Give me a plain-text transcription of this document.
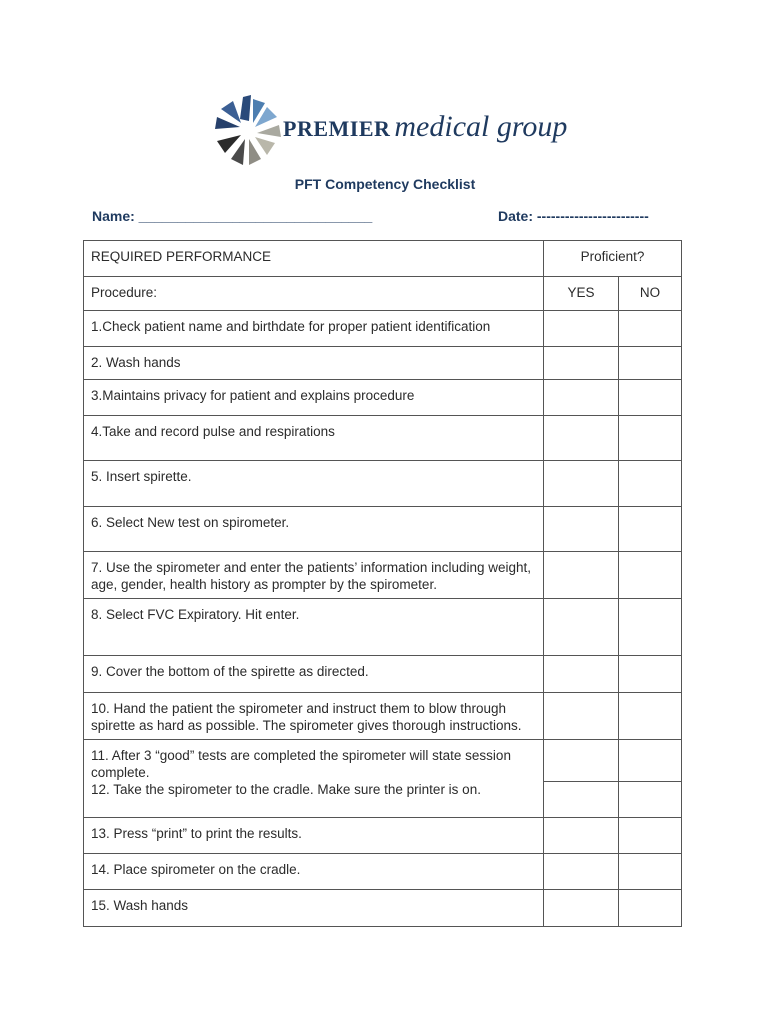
PREMIER medical group
PFT Competency Checklist
Name: ______________________________	Date: ------------------------
REQUIRED PERFORMANCE	Proficient?	
Procedure:	YES	NO
1.Check patient name and birthdate for proper patient identification		
2. Wash hands		
3.Maintains privacy for patient and explains procedure		
4.Take and record pulse and respirations		
5. Insert spirette.		
6. Select New test on spirometer.		
7. Use the spirometer and enter the patients’ information including weight, age, gender, health history as prompter by the spirometer.		
8. Select FVC Expiratory. Hit enter.		
9. Cover the bottom of the spirette as directed.		
10. Hand the patient the spirometer and instruct them to blow through spirette as hard as possible. The spirometer gives thorough instructions.		
11. After 3 “good” tests are completed the spirometer will state session complete.		
12. Take the spirometer to the cradle. Make sure the printer is on.		
13. Press “print” to print the results.		
14. Place spirometer on the cradle.		
15. Wash hands		
